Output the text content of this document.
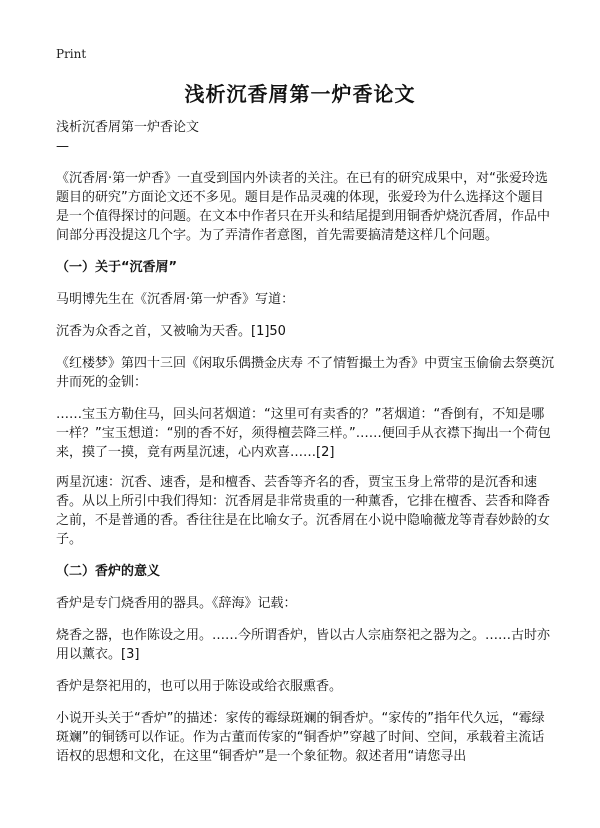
Print
浅析沉香屑第一炉香论文

浅析沉香屑第一炉香论文

—

《沉香屑·第一炉香》一直受到国内外读者的关注。在已有的研究成果中，对“张爱玲选题目的研究”方面论文还不多见。题目是作品灵魂的体现，张爱玲为什么选择这个题目是一个值得探讨的问题。在文本中作者只在开头和结尾提到用铜香炉烧沉香屑，作品中间部分再没提这几个字。为了弄清作者意图，首先需要搞清楚这样几个问题。

（一）关于“沉香屑”

马明博先生在《沉香屑·第一炉香》写道：

沉香为众香之首，又被喻为天香。[1]50

《红楼梦》第四十三回《闲取乐偶攒金庆寿 不了情暂撮土为香》中贾宝玉偷偷去祭奠沉井而死的金钏：

……宝玉方勒住马，回头问茗烟道：“这里可有卖香的？”茗烟道：“香倒有，不知是哪一样？”宝玉想道：“别的香不好，须得檀芸降三样。”……便回手从衣襟下掏出一个荷包来，摸了一摸，竟有两星沉速，心内欢喜……[2]

两星沉速：沉香、速香，是和檀香、芸香等齐名的香，贾宝玉身上常带的是沉香和速香。从以上所引中我们得知：沉香屑是非常贵重的一种薰香，它排在檀香、芸香和降香之前，不是普通的香。香往往是在比喻女子。沉香屑在小说中隐喻薇龙等青春妙龄的女子。

（二）香炉的意义

香炉是专门烧香用的器具。《辞海》记载：

烧香之器，也作陈设之用。……今所谓香炉，皆以古人宗庙祭祀之器为之。……古时亦用以薰衣。[3]

香炉是祭祀用的，也可以用于陈设或给衣服熏香。

小说开头关于“香炉”的描述：家传的霉绿斑斓的铜香炉。“家传的”指年代久远，“霉绿斑斓”的铜锈可以作证。作为古董而传家的“铜香炉”穿越了时间、空间，承载着主流话语权的思想和文化，在这里“铜香炉”是一个象征物。叙述者用“请您寻出
